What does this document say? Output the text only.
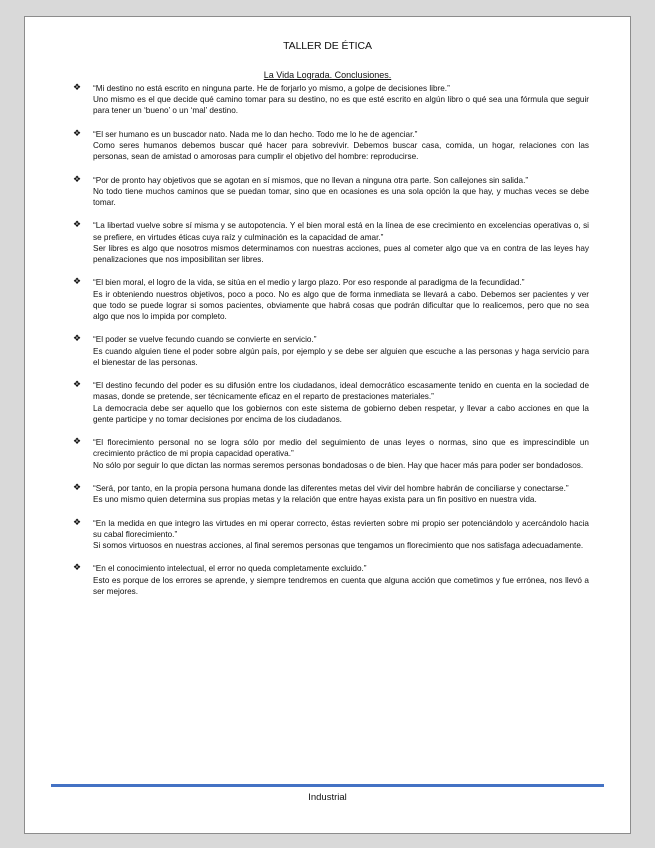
TALLER DE ÉTICA
La Vida Lograda. Conclusiones.
❖ “Mi destino no está escrito en ninguna parte. He de forjarlo yo mismo, a golpe de decisiones libre.”
Uno mismo es el que decide qué camino tomar para su destino, no es que esté escrito en algún libro o qué sea una fórmula que seguir para tener un ‘bueno’ o un ‘mal’ destino.
❖ “El ser humano es un buscador nato. Nada me lo dan hecho. Todo me lo he de agenciar.”
Como seres humanos debemos buscar qué hacer para sobrevivir. Debemos buscar casa, comida, un hogar, relaciones con las personas, sean de amistad o amorosas para cumplir el objetivo del hombre: reproducirse.
❖ “Por de pronto hay objetivos que se agotan en sí mismos, que no llevan a ninguna otra parte. Son callejones sin salida.”
No todo tiene muchos caminos que se puedan tomar, sino que en ocasiones es una sola opción la que hay, y muchas veces se debe tomar.
❖ “La libertad vuelve sobre sí misma y se autopotencia. Y el bien moral está en la línea de ese crecimiento en excelencias operativas o, si se prefiere, en virtudes éticas cuya raíz y culminación es la capacidad de amar.”
Ser libres es algo que nosotros mismos determinamos con nuestras acciones, pues al cometer algo que va en contra de las leyes hay penalizaciones que nos imposibilitan ser libres.
❖ “El bien moral, el logro de la vida, se sitúa en el medio y largo plazo. Por eso responde al paradigma de la fecundidad.”
Es ir obteniendo nuestros objetivos, poco a poco. No es algo que de forma inmediata se llevará a cabo. Debemos ser pacientes y ver que todo se puede lograr si somos pacientes, obviamente que habrá cosas que podrán dificultar que lo realicemos, pero que no sea algo que nos lo impida por completo.
❖ “El poder se vuelve fecundo cuando se convierte en servicio.”
Es cuando alguien tiene el poder sobre algún país, por ejemplo y se debe ser alguien que escuche a las personas y haga servicio para el bienestar de las personas.
❖ “El destino fecundo del poder es su difusión entre los ciudadanos, ideal democrático escasamente tenido en cuenta en la sociedad de masas, donde se pretende, ser técnicamente eficaz en el reparto de prestaciones materiales.”
La democracia debe ser aquello que los gobiernos con este sistema de gobierno deben respetar, y llevar a cabo acciones en que la gente participe y no tomar decisiones por encima de los ciudadanos.
❖ “El florecimiento personal no se logra sólo por medio del seguimiento de unas leyes o normas, sino que es imprescindible un crecimiento práctico de mi propia capacidad operativa.”
No sólo por seguir lo que dictan las normas seremos personas bondadosas o de bien. Hay que hacer más para poder ser bondadosos.
❖ “Será, por tanto, en la propia persona humana donde las diferentes metas del vivir del hombre habrán de conciliarse y conectarse.”
Es uno mismo quien determina sus propias metas y la relación que entre hayas exista para un fin positivo en nuestra vida.
❖ “En la medida en que integro las virtudes en mi operar correcto, éstas revierten sobre mi propio ser potenciándolo y acercándolo hacia su cabal florecimiento.”
Si somos virtuosos en nuestras acciones, al final seremos personas que tengamos un florecimiento que nos satisfaga adecuadamente.
❖ “En el conocimiento intelectual, el error no queda completamente excluido.”
Esto es porque de los errores se aprende, y siempre tendremos en cuenta que alguna acción que cometimos y fue errónea, nos llevó a ser mejores.
Industrial
